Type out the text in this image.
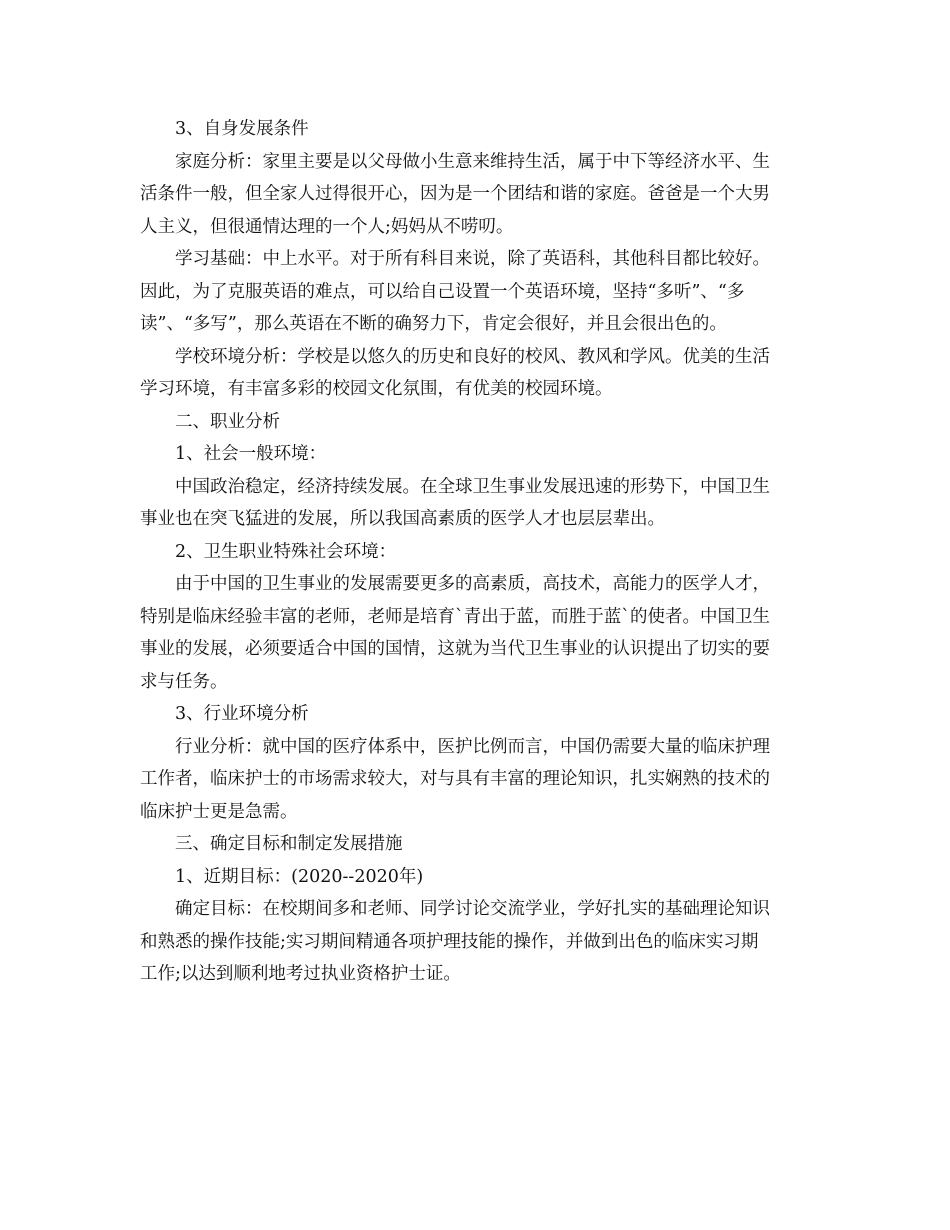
3、自身发展条件

家庭分析：家里主要是以父母做小生意来维持生活，属于中下等经济水平、生
活条件一般，但全家人过得很开心，因为是一个团结和谐的家庭。爸爸是一个大男
人主义，但很通情达理的一个人;妈妈从不唠叨。

学习基础：中上水平。对于所有科目来说，除了英语科，其他科目都比较好。
因此，为了克服英语的难点，可以给自己设置一个英语环境，坚持“多听”、“多
读”、“多写”，那么英语在不断的确努力下，肯定会很好，并且会很出色的。

学校环境分析：学校是以悠久的历史和良好的校风、教风和学风。优美的生活
学习环境，有丰富多彩的校园文化氛围，有优美的校园环境。

二、职业分析

1、社会一般环境：

中国政治稳定，经济持续发展。在全球卫生事业发展迅速的形势下，中国卫生
事业也在突飞猛进的发展，所以我国高素质的医学人才也层层辈出。

2、卫生职业特殊社会环境：

由于中国的卫生事业的发展需要更多的高素质，高技术，高能力的医学人才，
特别是临床经验丰富的老师，老师是培育`青出于蓝，而胜于蓝`的使者。中国卫生
事业的发展，必须要适合中国的国情，这就为当代卫生事业的认识提出了切实的要
求与任务。

3、行业环境分析

行业分析：就中国的医疗体系中，医护比例而言，中国仍需要大量的临床护理
工作者，临床护士的市场需求较大，对与具有丰富的理论知识，扎实娴熟的技术的
临床护士更是急需。

三、确定目标和制定发展措施

1、近期目标：(2020--2020年)

确定目标：在校期间多和老师、同学讨论交流学业，学好扎实的基础理论知识
和熟悉的操作技能;实习期间精通各项护理技能的操作，并做到出色的临床实习期
工作;以达到顺利地考过执业资格护士证。
